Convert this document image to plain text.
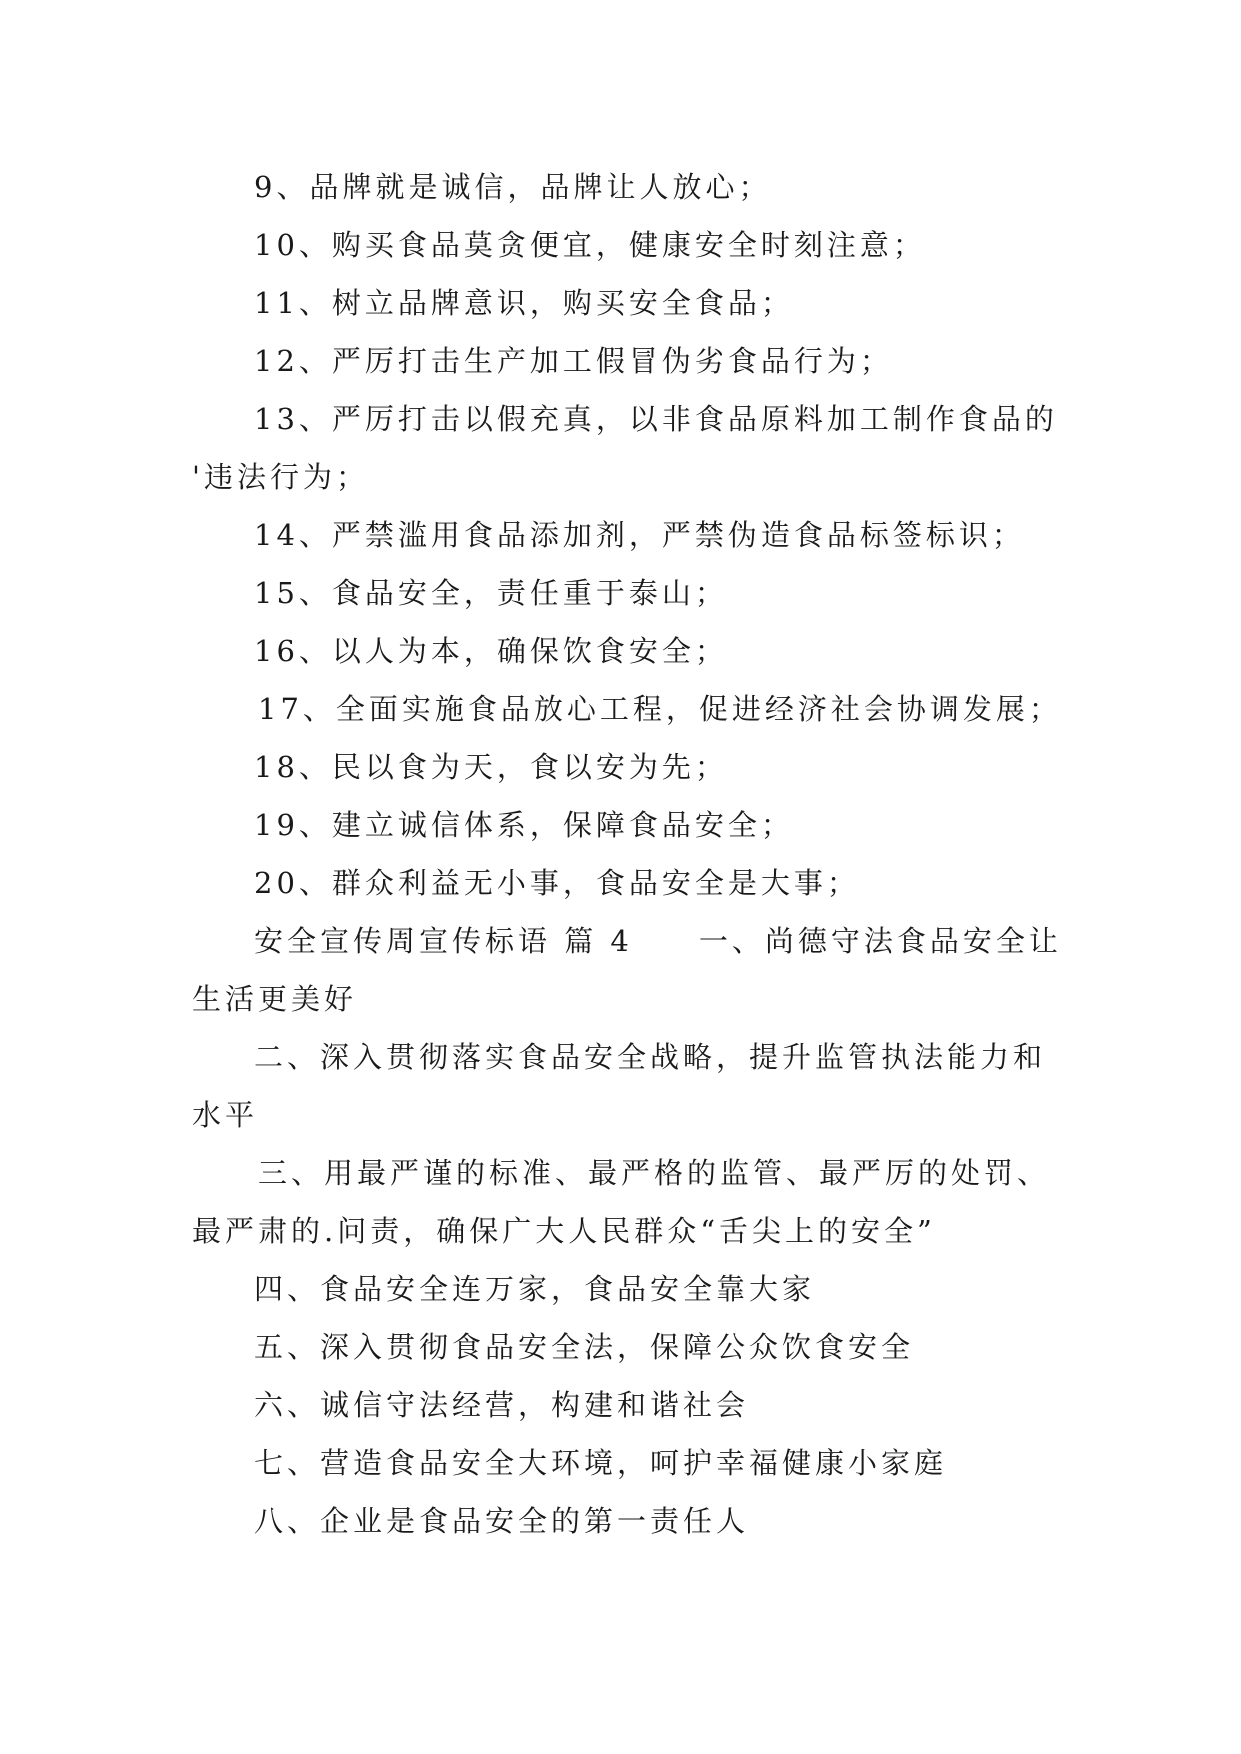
9、品牌就是诚信，品牌让人放心；
10、购买食品莫贪便宜，健康安全时刻注意；
11、树立品牌意识，购买安全食品；
12、严厉打击生产加工假冒伪劣食品行为；
13、严厉打击以假充真，以非食品原料加工制作食品的
'违法行为；
14、严禁滥用食品添加剂，严禁伪造食品标签标识；
15、食品安全，责任重于泰山；
16、以人为本，确保饮食安全；
17、全面实施食品放心工程，促进经济社会协调发展；
18、民以食为天，食以安为先；
19、建立诚信体系，保障食品安全；
20、群众利益无小事，食品安全是大事；
安全宣传周宣传标语 篇 4 一、尚德守法食品安全让
生活更美好
二、深入贯彻落实食品安全战略，提升监管执法能力和
水平
三、用最严谨的标准、最严格的监管、最严厉的处罚、
最严肃的.问责，确保广大人民群众“舌尖上的安全”
四、食品安全连万家，食品安全靠大家
五、深入贯彻食品安全法，保障公众饮食安全
六、诚信守法经营，构建和谐社会
七、营造食品安全大环境，呵护幸福健康小家庭
八、企业是食品安全的第一责任人
